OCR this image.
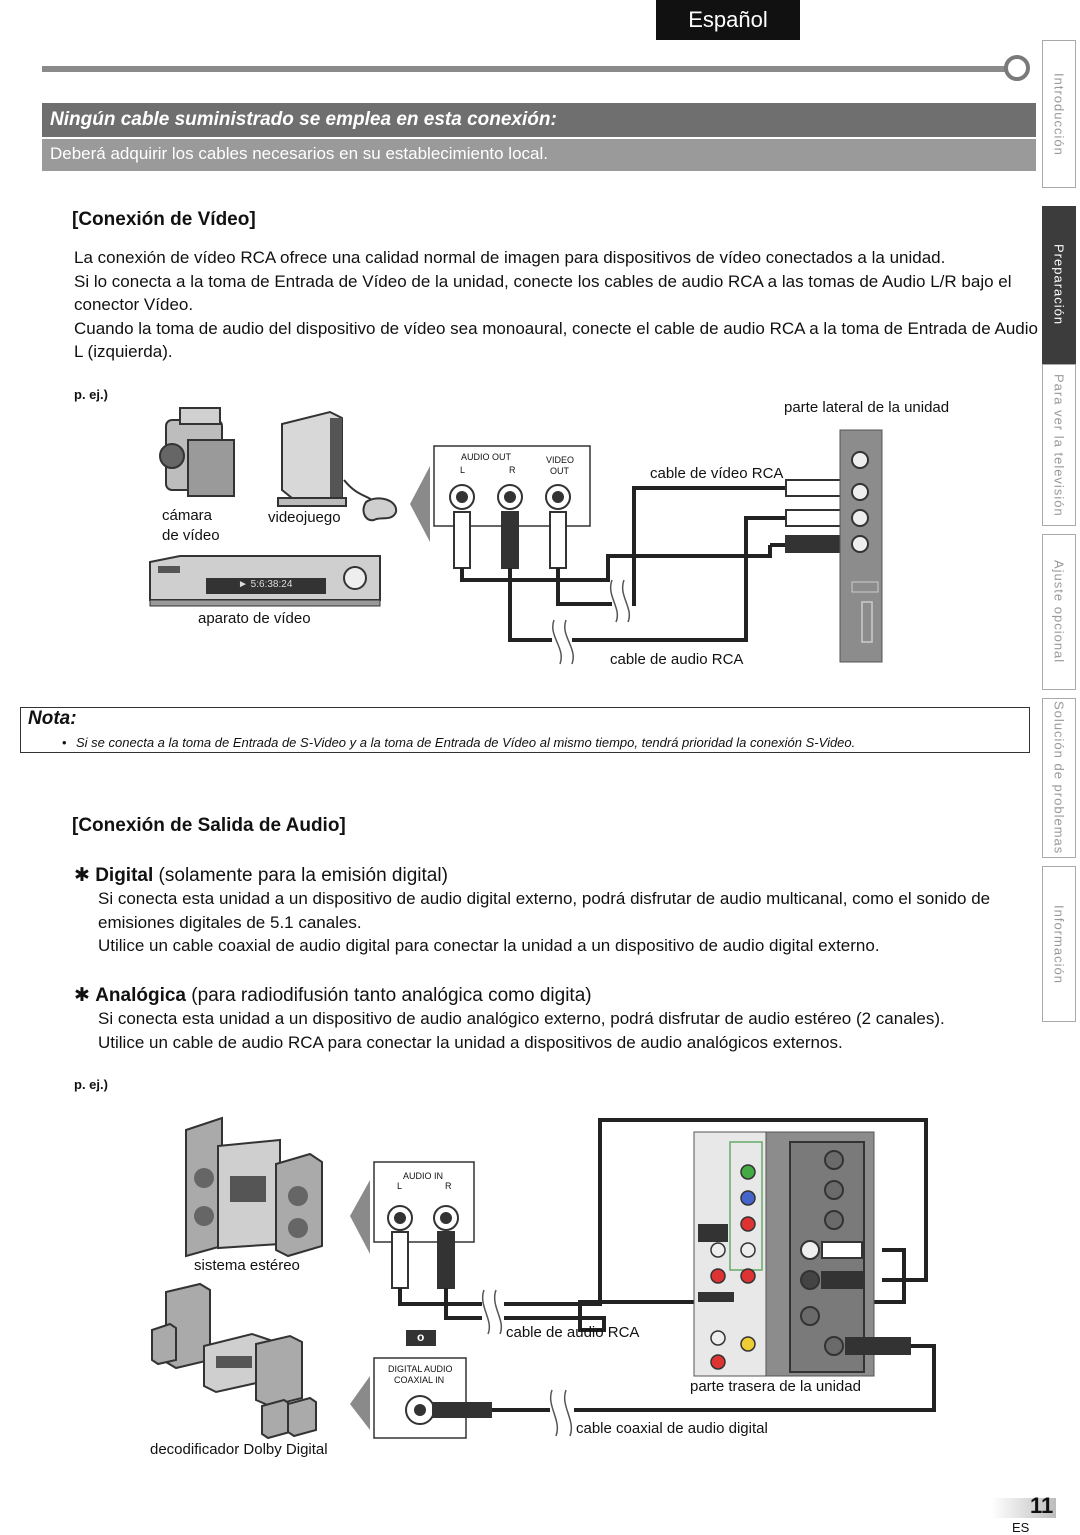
Español
Ningún cable suministrado se emplea en esta conexión:
Deberá adquirir los cables necesarios en su establecimiento local.
[Conexión de Vídeo]
La conexión de vídeo RCA ofrece una calidad normal de imagen para dispositivos de vídeo conectados a la unidad.
Si lo conecta a la toma de Entrada de Vídeo de la unidad, conecte los cables de audio RCA a las tomas de Audio L/R bajo el conector Vídeo.
Cuando la toma de audio del dispositivo de vídeo sea monoaural, conecte el cable de audio RCA a la toma de Entrada de Audio L (izquierda).
p. ej.)
cámara
de vídeo
videojuego
► 5:6:38:24
aparato de vídeo
parte lateral de la unidad
cable de vídeo RCA
cable de audio RCA
AUDIO OUT
L	R
VIDEO
OUT
Nota:
• Si se conecta a la toma de Entrada de S-Video y a la toma de Entrada de Vídeo al mismo tiempo, tendrá prioridad la conexión S-Video.
[Conexión de Salida de Audio]
✱ Digital (solamente para la emisión digital)
Si conecta esta unidad a un dispositivo de audio digital externo, podrá disfrutar de audio multicanal, como el sonido de emisiones digitales de 5.1 canales.
Utilice un cable coaxial de audio digital para conectar la unidad a un dispositivo de audio digital externo.
✱ Analógica (para radiodifusión tanto analógica como digita)
Si conecta esta unidad a un dispositivo de audio analógico externo, podrá disfrutar de audio estéreo (2 canales).
Utilice un cable de audio RCA para conectar la unidad a dispositivos de audio analógicos externos.
p. ej.)
sistema estéreo
decodificador Dolby Digital
AUDIO IN
L	R
o
DIGITAL AUDIO
COAXIAL IN
cable de audio RCA
parte trasera de la unidad
cable coaxial de audio digital
Introducción
Preparación
Para ver la televisión
Ajuste opcional
Solución de problemas
Información
11
ES
